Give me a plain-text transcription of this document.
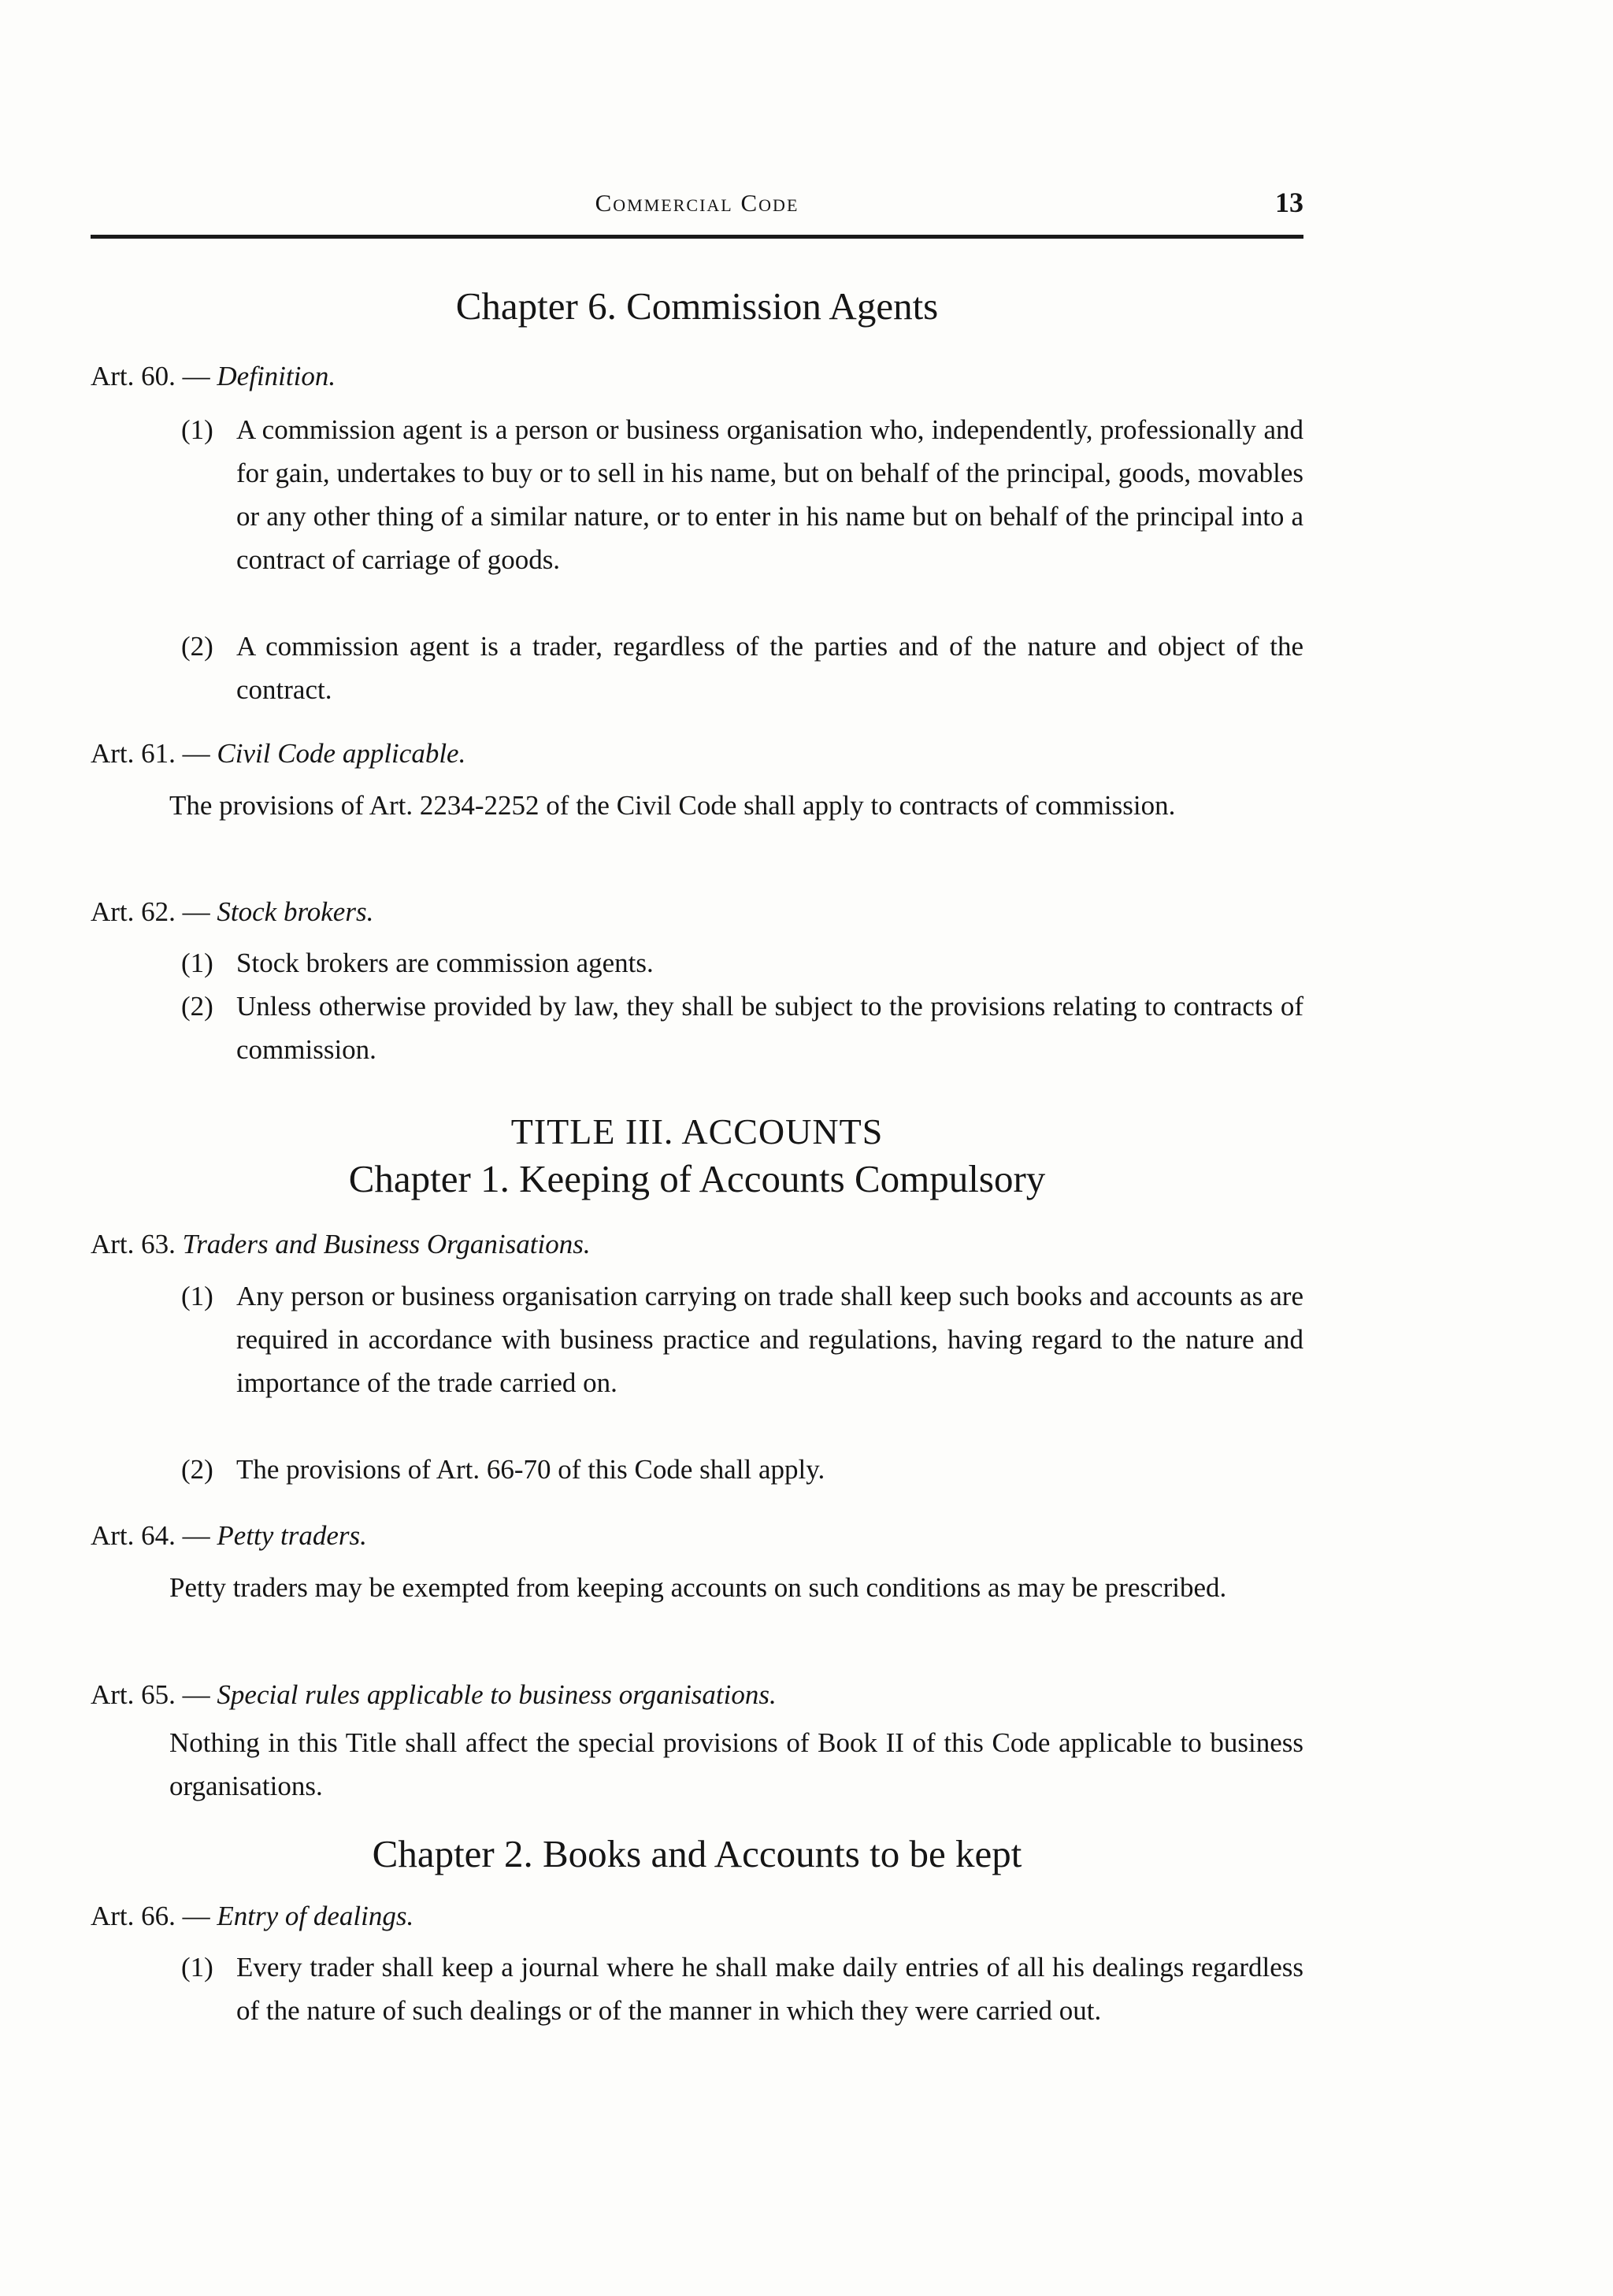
Commercial Code	13
Chapter 6. Commission Agents
Art. 60. — Definition.
(1) A commission agent is a person or business organisation who, independently, professionally and for gain, undertakes to buy or to sell in his name, but on behalf of the principal, goods, movables or any other thing of a similar nature, or to enter in his name but on behalf of the principal into a contract of carriage of goods.
(2) A commission agent is a trader, regardless of the parties and of the nature and object of the contract.
Art. 61. — Civil Code applicable.
The provisions of Art. 2234-2252 of the Civil Code shall apply to contracts of commission.
Art. 62. — Stock brokers.
(1) Stock brokers are commission agents.
(2) Unless otherwise provided by law, they shall be subject to the provisions relating to contracts of commission.
TITLE III. ACCOUNTS
Chapter 1. Keeping of Accounts Compulsory
Art. 63. Traders and Business Organisations.
(1) Any person or business organisation carrying on trade shall keep such books and accounts as are required in accordance with business practice and regulations, having regard to the nature and importance of the trade carried on.
(2) The provisions of Art. 66-70 of this Code shall apply.
Art. 64. — Petty traders.
Petty traders may be exempted from keeping accounts on such conditions as may be prescribed.
Art. 65. — Special rules applicable to business organisations.
Nothing in this Title shall affect the special provisions of Book II of this Code applicable to business organisations.
Chapter 2. Books and Accounts to be kept
Art. 66. — Entry of dealings.
(1) Every trader shall keep a journal where he shall make daily entries of all his dealings regardless of the nature of such dealings or of the manner in which they were carried out.
